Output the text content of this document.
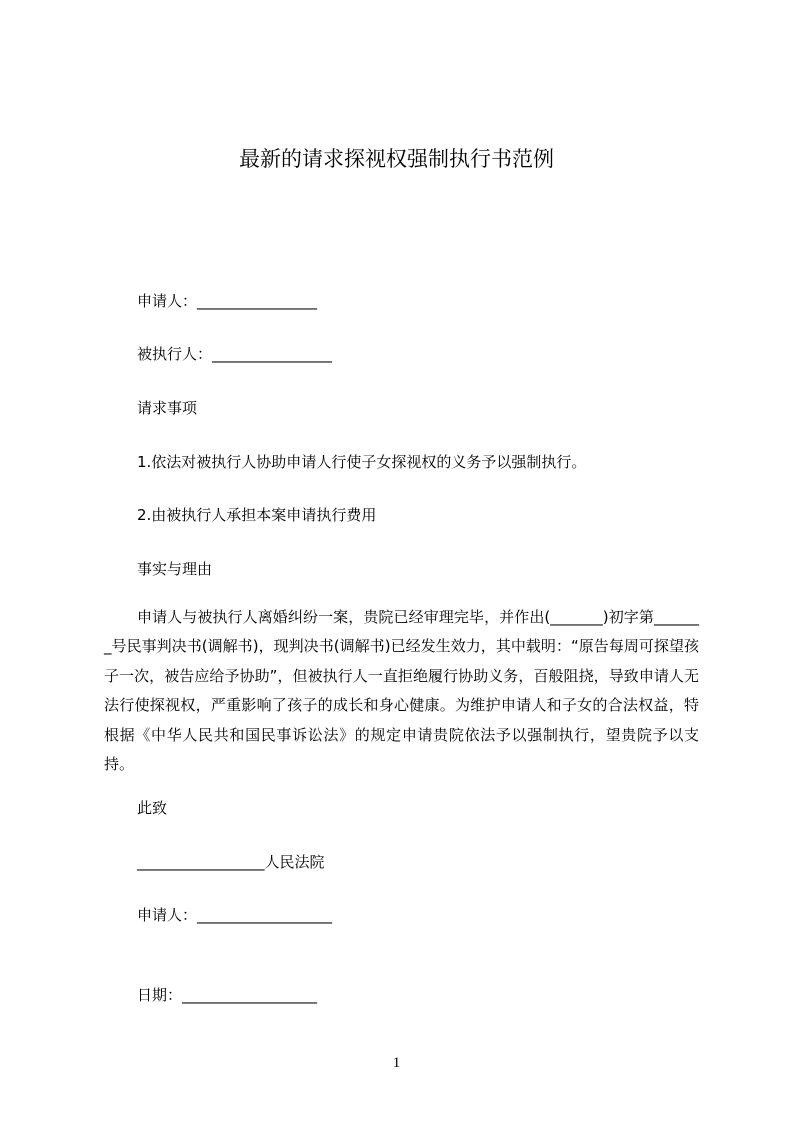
最新的请求探视权强制执行书范例

申请人：________________

被执行人：________________

请求事项

1.依法对被执行人协助申请人行使子女探视权的义务予以强制执行。

2.由被执行人承担本案申请执行费用

事实与理由

申请人与被执行人离婚纠纷一案，贵院已经审理完毕，并作出(_______)初字第_______号民事判决书(调解书)，现判决书(调解书)已经发生效力，其中载明：“原告每周可探望孩子一次，被告应给予协助”，但被执行人一直拒绝履行协助义务，百般阻挠，导致申请人无法行使探视权，严重影响了孩子的成长和身心健康。为维护申请人和子女的合法权益，特根据《中华人民共和国民事诉讼法》的规定申请贵院依法予以强制执行，望贵院予以支持。

此致

_________________人民法院

申请人：__________________

日期：__________________

1
